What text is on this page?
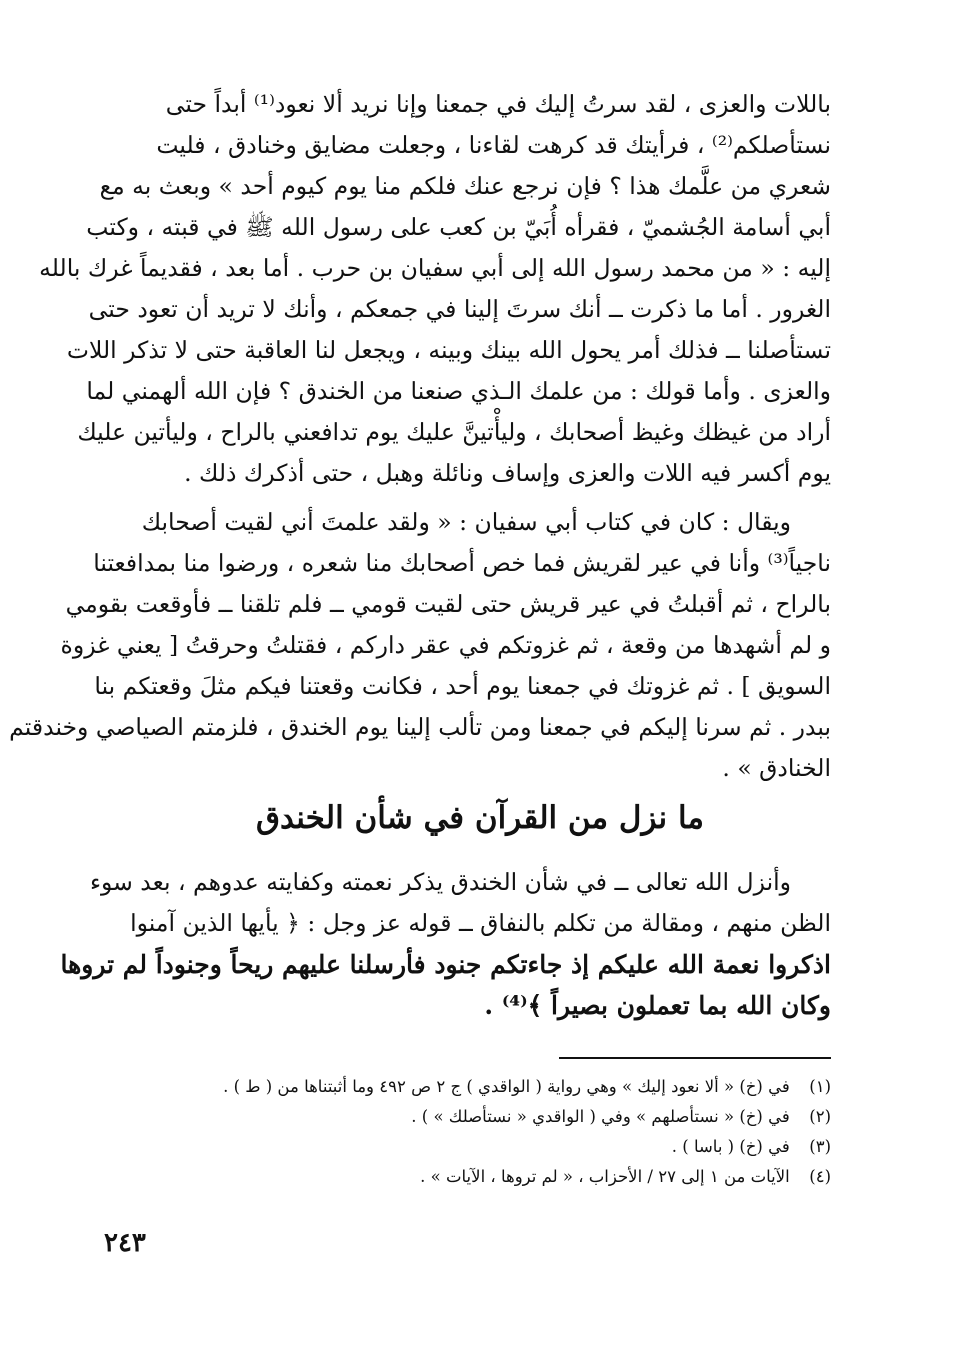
باللات والعزى ، لقد سرتُ إليك في جمعنا وإنا نريد ألا نعود⁽¹⁾ أبداً حتى
نستأصلكم⁽²⁾ ، فرأيتك قد كرهت لقاءنا ، وجعلت مضايق وخنادق ، فليت
شعري من علَّمك هذا ؟ فإن نرجع عنك فلكم منا يوم كيوم أحد » وبعث به مع
أبي أسامة الجُشميّ ، فقرأه أُبَيّ بن كعب على رسول الله ﷺ في قبته ، وكتب
إليه : « من محمد رسول الله إلى أبي سفيان بن حرب . أما بعد ، فقديماً غرك بالله
الغرور . أما ما ذكرت ــ أنك سرتَ إلينا في جمعكم ، وأنك لا تريد أن تعود حتى
تستأصلنا ــ فذلك أمر يحول الله بينك وبينه ، ويجعل لنا العاقبة حتى لا تذكر اللات
والعزى . وأما قولك : من علمك الـذي صنعنا من الخندق ؟ فإن الله ألهمني لما
أراد من غيظك وغيظ أصحابك ، وليأْتينَّ عليك يوم تدافعني بالراح ، وليأتين عليك
يوم أكسر فيه اللات والعزى وإساف ونائلة وهبل ، حتى أذكرك ذلك .

ويقال : كان في كتاب أبي سفيان : « ولقد علمتَ أني لقيت أصحابك
ناجياً⁽³⁾ وأنا في عير لقريش فما خص أصحابك منا شعره ، ورضوا منا بمدافعتنا
بالراح ، ثم أقبلتُ في عير قريش حتى لقيت قومي ــ فلم تلقنا ــ فأوقعت بقومي
و لم أشهدها من وقعة ، ثم غزوتكم في عقر داركم ، فقتلتُ وحرقتُ [ يعني غزوة
السويق ] . ثم غزوتك في جمعنا يوم أحد ، فكانت وقعتنا فيكم مثلَ وقعتكم بنا
ببدر . ثم سرنا إليكم في جمعنا ومن تألب إلينا يوم الخندق ، فلزمتم الصياصي وخندقتم
الخنادق » .

ما نزل من القرآن في شأن الخندق

وأنزل الله تعالى ــ في شأن الخندق يذكر نعمته وكفايته عدوهم ، بعد سوء
الظن منهم ، ومقالة من تكلم بالنفاق ــ قوله عز وجل : ﴿ يأيها الذين آمنوا
اذكروا نعمة الله عليكم إذ جاءتكم جنود فأرسلنا عليهم ريحاً وجنوداً لم تروها
وكان الله بما تعملون بصيراً ﴾⁽⁴⁾ .

(١) في (خ) « ألا نعود إليك » وهي رواية ( الواقدي ) ج ٢ ص ٤٩٢ وما أثبتناها من ( ط ) .
(٢) في (خ) « نستأصلهم » وفي ( الواقدي « نستأصلك » ) .
(٣) في (خ) ( باسا ) .
(٤) الآيات من ١ إلى ٢٧ / الأحزاب ، « لم تروها ، الآيات » .
٢٤٣
